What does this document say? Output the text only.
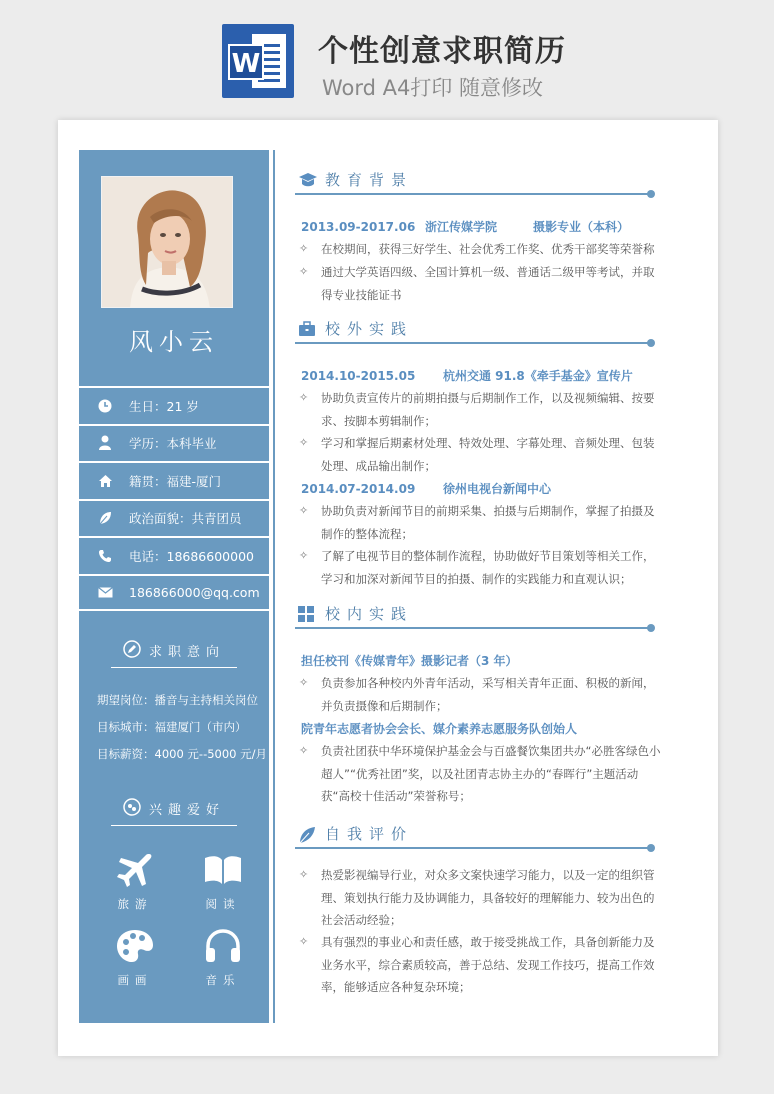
W 个性创意求职简历
Word A4打印 随意修改
风小云
生日：21 岁
学历：本科毕业
籍贯：福建-厦门
政治面貌：共青团员
电话：18686600000
186866000@qq.com
求职意向
期望岗位：播音与主持相关岗位
目标城市：福建厦门（市内）
目标薪资：4000 元--5000 元/月
兴趣爱好
旅游	阅读
画画	音乐
教育背景
2013.09-2017.06 浙江传媒学院	摄影专业（本科）
✧ 在校期间，获得三好学生、社会优秀工作奖、优秀干部奖等荣誉称
✧ 通过大学英语四级、全国计算机一级、普通话二级甲等考试，并取得专业技能证书
校外实践
2014.10-2015.05 杭州交通 91.8《牵手基金》宣传片
✧ 协助负责宣传片的前期拍摄与后期制作工作，以及视频编辑、按要求、按脚本剪辑制作；
✧ 学习和掌握后期素材处理、特效处理、字幕处理、音频处理、包装处理、成品输出制作；
2014.07-2014.09 徐州电视台新闻中心
✧ 协助负责对新闻节目的前期采集、拍摄与后期制作，掌握了拍摄及制作的整体流程；
✧ 了解了电视节目的整体制作流程，协助做好节目策划等相关工作，学习和加深对新闻节目的拍摄、制作的实践能力和直观认识；
校内实践
担任校刊《传媒青年》摄影记者（3 年）
✧ 负责参加各种校内外青年活动，采写相关青年正面、积极的新闻，并负责摄像和后期制作；
院青年志愿者协会会长、媒介素养志愿服务队创始人
✧ 负责社团获中华环境保护基金会与百盛餐饮集团共办“必胜客绿色小超人”“优秀社团”奖，以及社团青志协主办的“春晖行”主题活动获“高校十佳活动”荣誉称号；
自我评价
✧ 热爱影视编导行业，对众多文案快速学习能力，以及一定的组织管理、策划执行能力及协调能力，具备较好的理解能力、较为出色的社会活动经验；
✧ 具有强烈的事业心和责任感，敢于接受挑战工作，具备创新能力及业务水平，综合素质较高，善于总结、发现工作技巧，提高工作效率，能够适应各种复杂环境；
